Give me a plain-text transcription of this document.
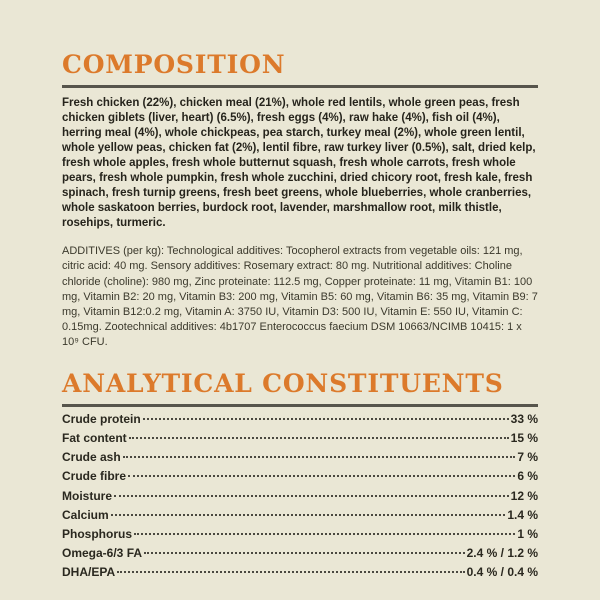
COMPOSITION

Fresh chicken (22%), chicken meal (21%), whole red lentils, whole green peas, fresh chicken giblets (liver, heart) (6.5%), fresh eggs (4%), raw hake (4%), fish oil (4%), herring meal (4%), whole chickpeas, pea starch, turkey meal (2%), whole green lentil, whole yellow peas, chicken fat (2%), lentil fibre, raw turkey liver (0.5%), salt, dried kelp, fresh whole apples, fresh whole butternut squash, fresh whole carrots, fresh whole pears, fresh whole pumpkin, fresh whole zucchini, dried chicory root, fresh kale, fresh spinach, fresh turnip greens, fresh beet greens, whole blueberries, whole cranberries, whole saskatoon berries, burdock root, lavender, marshmallow root, milk thistle, rosehips, turmeric.

ADDITIVES (per kg): Technological additives: Tocopherol extracts from vegetable oils: 121 mg, citric acid: 40 mg. Sensory additives: Rosemary extract: 80 mg. Nutritional additives: Choline chloride (choline): 980 mg, Zinc proteinate: 112.5 mg, Copper proteinate: 11 mg, Vitamin B1: 100 mg, Vitamin B2: 20 mg, Vitamin B3: 200 mg, Vitamin B5: 60 mg, Vitamin B6: 35 mg, Vitamin B9: 7 mg, Vitamin B12:0.2 mg, Vitamin A: 3750 IU, Vitamin D3: 500 IU, Vitamin E: 550 IU, Vitamin C: 0.15mg. Zootechnical additives: 4b1707 Enterococcus faecium DSM 10663/NCIMB 10415: 1 x 10⁹ CFU.

ANALYTICAL CONSTITUENTS
Crude protein	33 %
Fat content	15 %
Crude ash	7 %
Crude fibre	6 %
Moisture	12 %
Calcium	1.4 %
Phosphorus	1 %
Omega-6/3 FA	2.4 % / 1.2 %
DHA/EPA	0.4 % / 0.4 %
